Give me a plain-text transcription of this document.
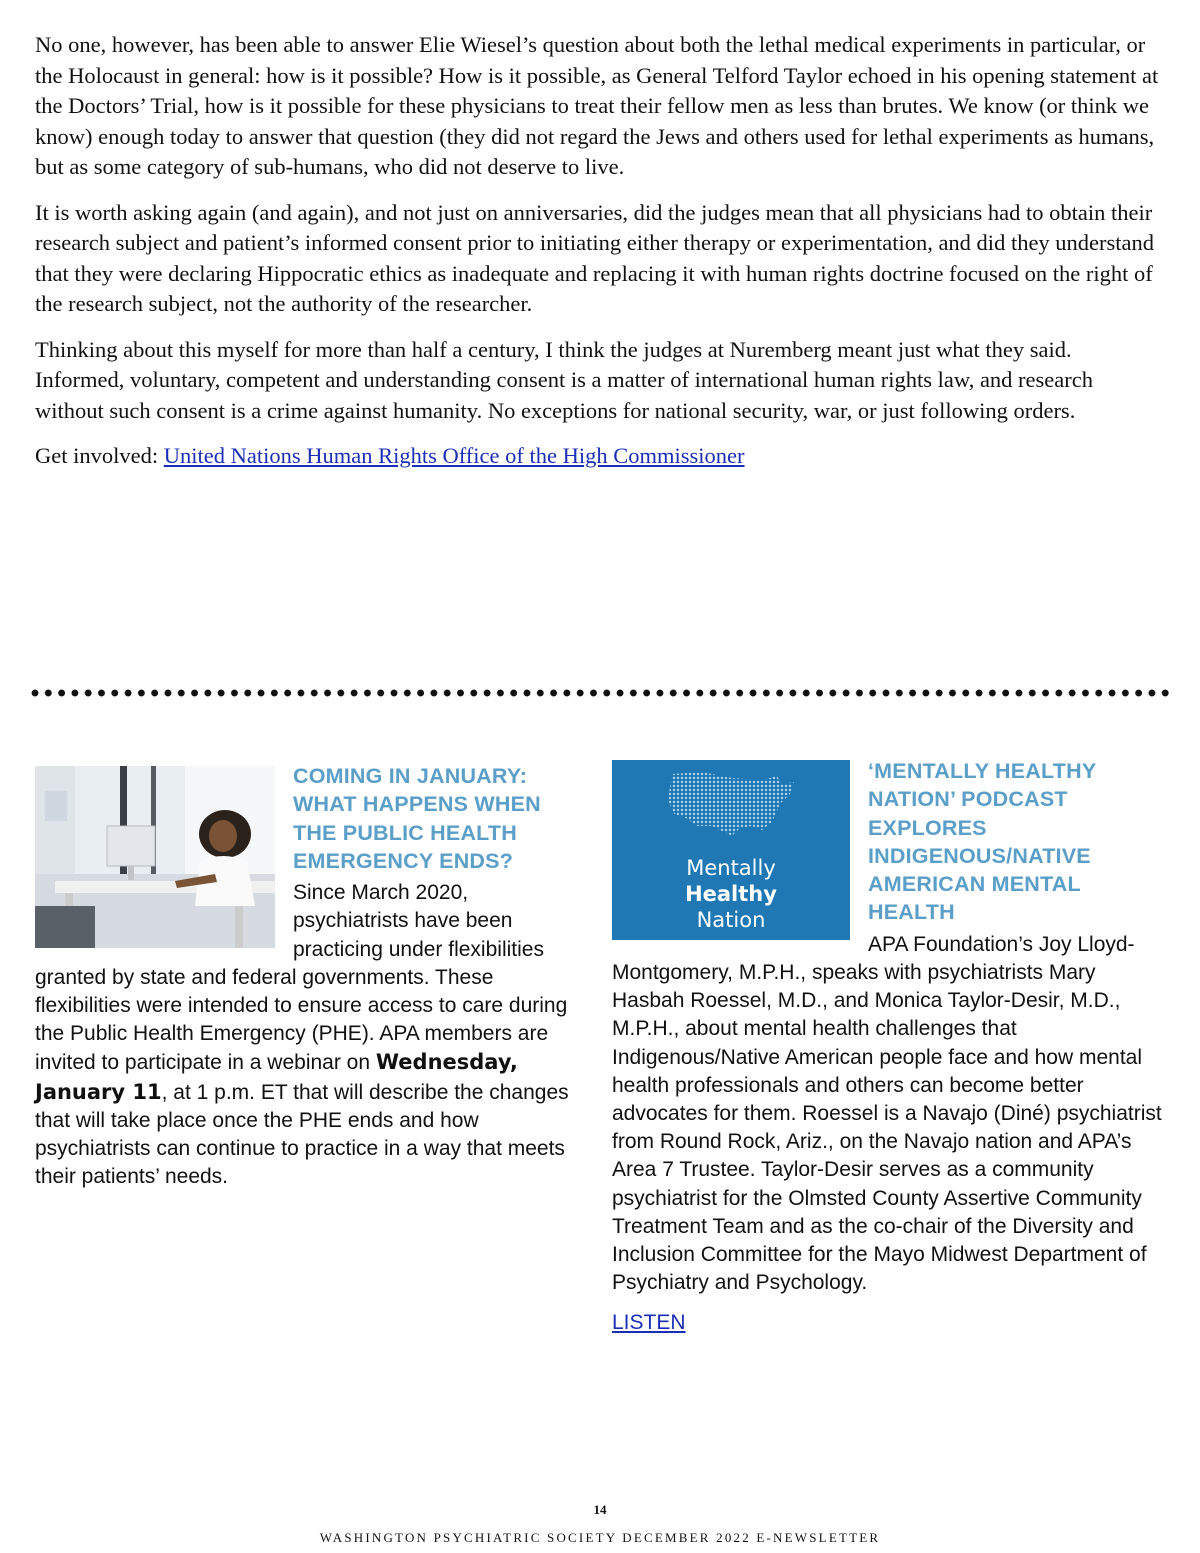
No one, however, has been able to answer Elie Wiesel’s question about both the lethal medical experiments in particular, or the Holocaust in general: how is it possible? How is it possible, as General Telford Taylor echoed in his opening statement at the Doctors’ Trial, how is it possible for these physicians to treat their fellow men as less than brutes. We know (or think we know) enough today to answer that question (they did not regard the Jews and others used for lethal experiments as humans, but as some category of sub-humans, who did not deserve to live.

It is worth asking again (and again), and not just on anniversaries, did the judges mean that all physicians had to obtain their research subject and patient’s informed consent prior to initiating either therapy or experimentation, and did they understand that they were declaring Hippocratic ethics as inadequate and replacing it with human rights doctrine focused on the right of the research subject, not the authority of the researcher.

Thinking about this myself for more than half a century, I think the judges at Nuremberg meant just what they said. Informed, voluntary, competent and understanding consent is a matter of international human rights law, and research without such consent is a crime against humanity. No exceptions for national security, war, or just following orders.

Get involved: United Nations Human Rights Office of the High Commissioner

COMING IN JANUARY: WHAT HAPPENS WHEN THE PUBLIC HEALTH EMERGENCY ENDS?

Since March 2020, psychiatrists have been practicing under flexibilities granted by state and federal governments. These flexibilities were intended to ensure access to care during the Public Health Emergency (PHE). APA members are invited to participate in a webinar on Wednesday, January 11, at 1 p.m. ET that will describe the changes that will take place once the PHE ends and how psychiatrists can continue to practice in a way that meets their patients’ needs.

Mentally
Healthy
Nation
‘MENTALLY HEALTHY NATION’ PODCAST EXPLORES INDIGENOUS/NATIVE AMERICAN MENTAL HEALTH

APA Foundation’s Joy Lloyd-Montgomery, M.P.H., speaks with psychiatrists Mary Hasbah Roessel, M.D., and Monica Taylor-Desir, M.D., M.P.H., about mental health challenges that Indigenous/Native American people face and how mental health professionals and others can become better advocates for them. Roessel is a Navajo (Diné) psychiatrist from Round Rock, Ariz., on the Navajo nation and APA’s Area 7 Trustee. Taylor-Desir serves as a community psychiatrist for the Olmsted County Assertive Community Treatment Team and as the co-chair of the Diversity and Inclusion Committee for the Mayo Midwest Department of Psychiatry and Psychology.

LISTEN
14
WASHINGTON PSYCHIATRIC SOCIETY DECEMBER 2022 E-NEWSLETTER
